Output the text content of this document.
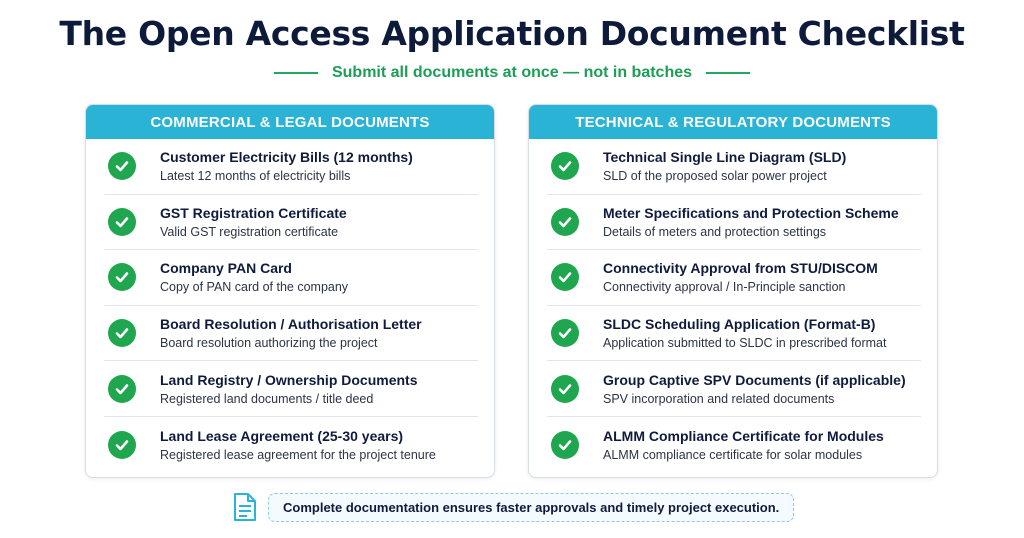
The Open Access Application Document Checklist
Submit all documents at once — not in batches
COMMERCIAL & LEGAL DOCUMENTS
Customer Electricity Bills (12 months)
Latest 12 months of electricity bills
GST Registration Certificate
Valid GST registration certificate
Company PAN Card
Copy of PAN card of the company
Board Resolution / Authorisation Letter
Board resolution authorizing the project
Land Registry / Ownership Documents
Registered land documents / title deed
Land Lease Agreement (25-30 years)
Registered lease agreement for the project tenure
TECHNICAL & REGULATORY DOCUMENTS
Technical Single Line Diagram (SLD)
SLD of the proposed solar power project
Meter Specifications and Protection Scheme
Details of meters and protection settings
Connectivity Approval from STU/DISCOM
Connectivity approval / In-Principle sanction
SLDC Scheduling Application (Format-B)
Application submitted to SLDC in prescribed format
Group Captive SPV Documents (if applicable)
SPV incorporation and related documents
ALMM Compliance Certificate for Modules
ALMM compliance certificate for solar modules
Complete documentation ensures faster approvals and timely project execution.
